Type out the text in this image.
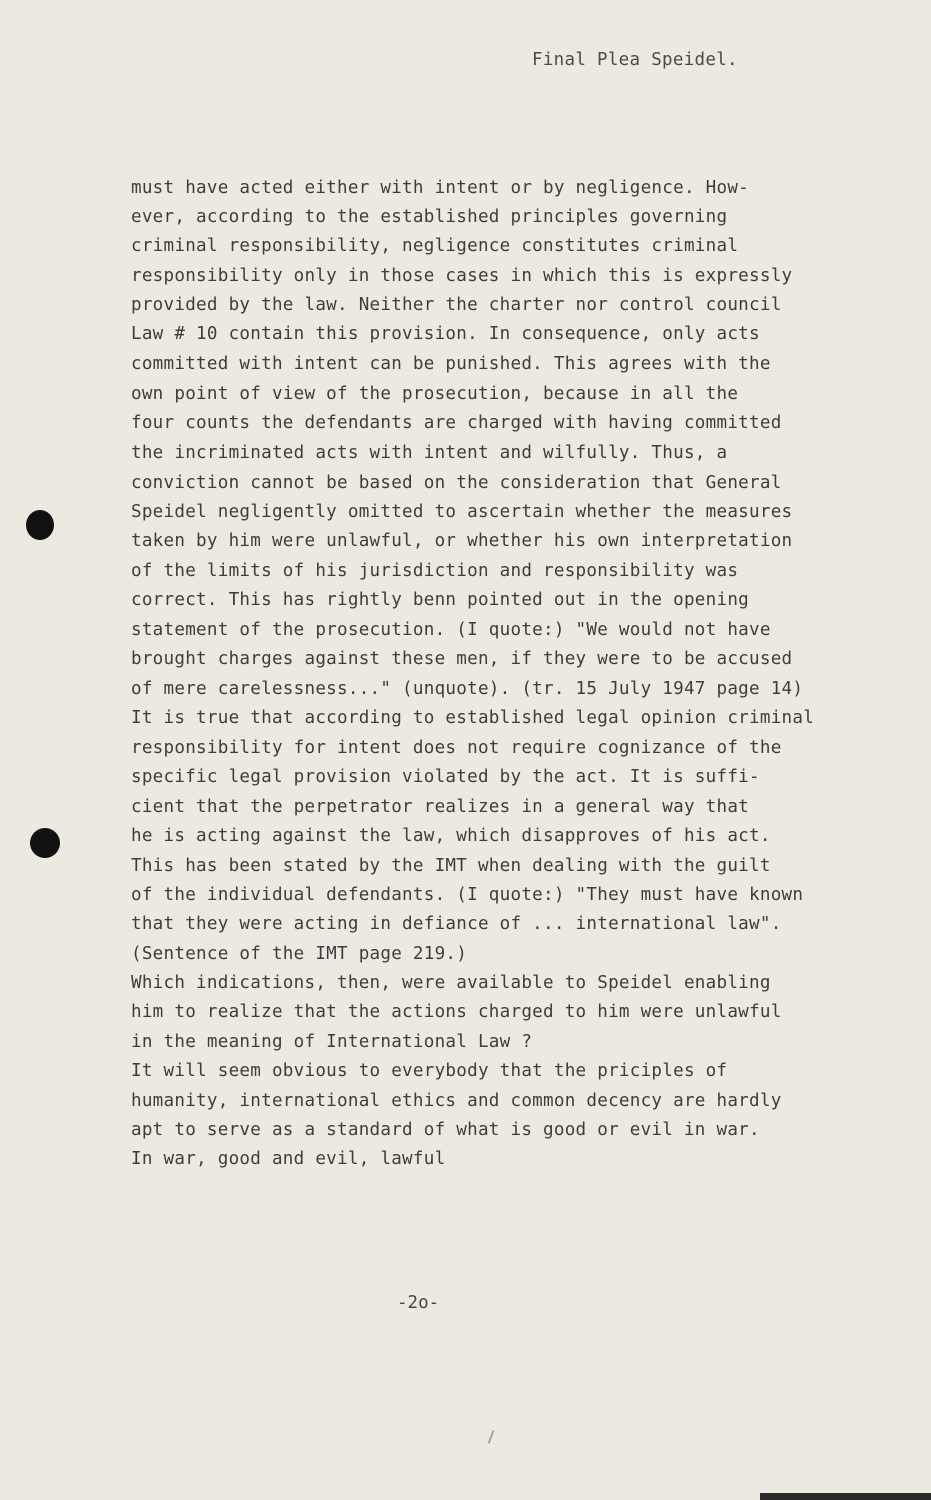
Final Plea Speidel.
must have acted either with intent or by negligence. How-
ever, according to the established principles governing
criminal responsibility, negligence constitutes criminal
responsibility only in those cases in which this is expressly
provided by the law. Neither the charter nor control council
Law # 10 contain this provision. In consequence, only acts
committed with intent can be punished. This agrees with the
own point of view of the prosecution, because in all the
four counts the defendants are charged with having committed
the incriminated acts with intent and wilfully. Thus, a
conviction cannot be based on the consideration that General
Speidel negligently omitted to ascertain whether the measures
taken by him were unlawful, or whether his own interpretation
of the limits of his jurisdiction and responsibility was
correct. This has rightly benn pointed out in the opening
statement of the prosecution. (I quote:) "We would not have
brought charges against these men, if they were to be accused
of mere carelessness..." (unquote). (tr. 15 July 1947 page 14)
It is true that according to established legal opinion criminal
responsibility for intent does not require cognizance of the
specific legal provision violated by the act. It is suffi-
cient that the perpetrator realizes in a general way that
he is acting against the law, which disapproves of his act.
This has been stated by the IMT when dealing with the guilt
of the individual defendants. (I quote:) "They must have known
that they were acting in defiance of ... international law".
(Sentence of the IMT page 219.)
Which indications, then, were available to Speidel enabling
him to realize that the actions charged to him were unlawful
in the meaning of International Law ?
It will seem obvious to everybody that the priciples of
humanity, international ethics and common decency are hardly
apt to serve as a standard of what is good or evil in war.
In war, good and evil, lawful
-2o-
